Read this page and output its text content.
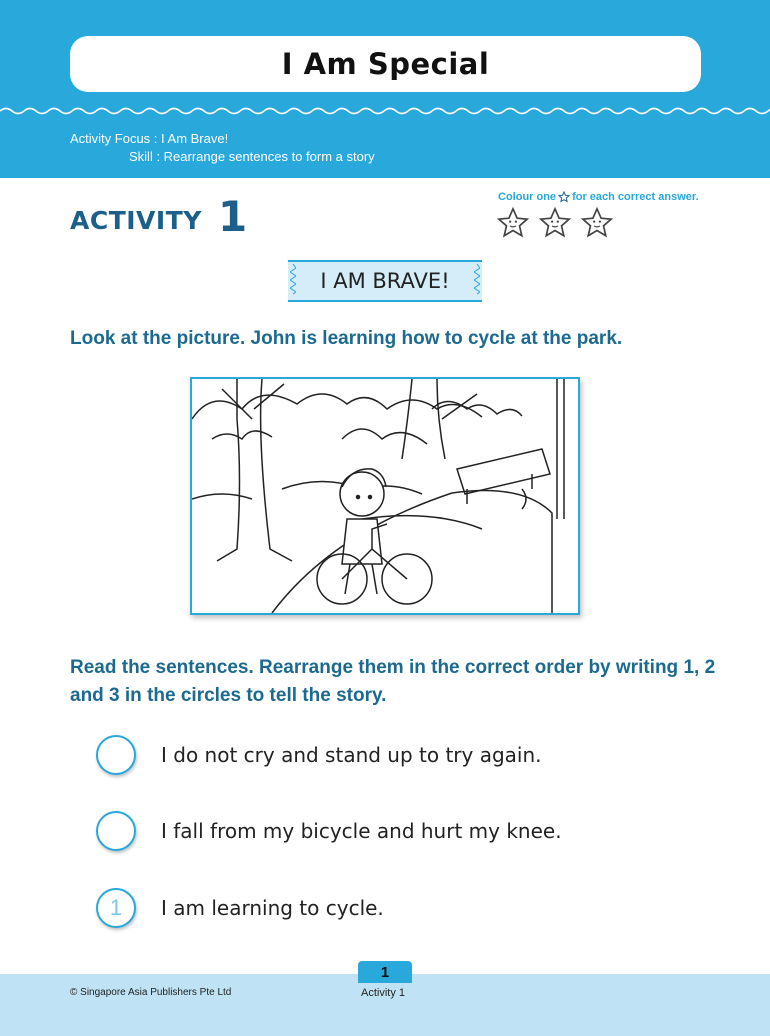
I Am Special
Activity Focus : I Am Brave!
Skill : Rearrange sentences to form a story
ACTIVITY 1	Colour one for each correct answer.
I AM BRAVE!
Look at the picture. John is learning how to cycle at the park.
Read the sentences. Rearrange them in the correct order by writing 1, 2 and 3 in the circles to tell the story.
I do not cry and stand up to try again.
I fall from my bicycle and hurt my knee.
1	I am learning to cycle.
1
© Singapore Asia Publishers Pte Ltd	Activity 1
